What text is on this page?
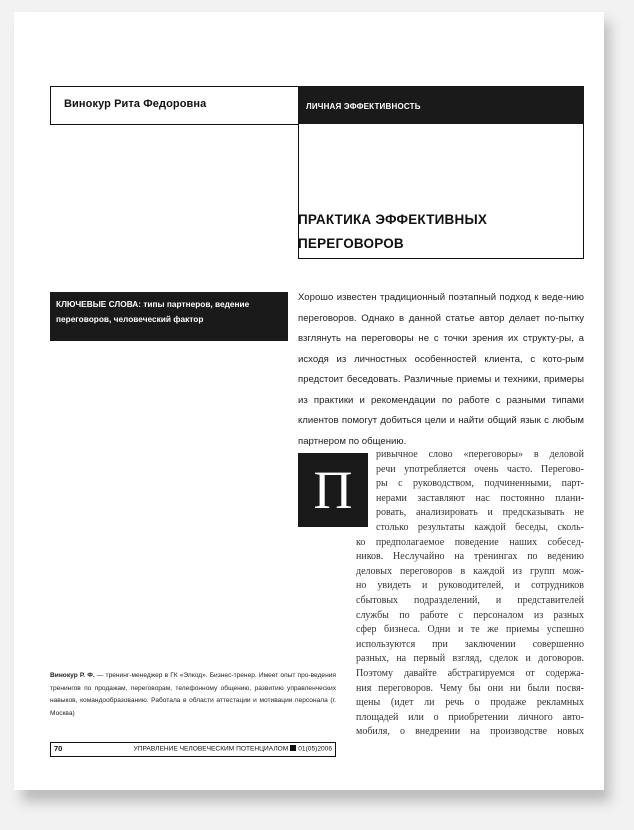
Винокур Рита Федоровна	ЛИЧНАЯ ЭФФЕКТИВНОСТЬ
ПРАКТИКА ЭФФЕКТИВНЫХ
ПЕРЕГОВОРОВ
КЛЮЧЕВЫЕ СЛОВА: типы партнеров, ведение переговоров, человеческий фактор
Хорошо известен традиционный поэтапный подход к веде-нию переговоров. Однако в данной статье автор делает по-пытку взглянуть на переговоры не с точки зрения их структу-ры, а исходя из личностных особенностей клиента, с кото-рым предстоит беседовать. Различные приемы и техники, примеры из практики и рекомендации по работе с разными типами клиентов помогут добиться цели и найти общий язык с любым партнером по общению.
П
ривычное слово «переговоры» в деловой
речи употребляется очень часто. Перегово-
ры с руководством, подчиненными, парт-
нерами заставляют нас постоянно плани-
ровать, анализировать и предсказывать не
столько результаты каждой беседы, сколь-
ко предполагаемое поведение наших собесед-
ников. Неслучайно на тренингах по ведению
деловых переговоров в каждой из групп мож-
но увидеть и руководителей, и сотрудников
сбытовых подразделений, и представителей
службы по работе с персоналом из разных
сфер бизнеса. Одни и те же приемы успешно
используются при заключении совершенно
разных, на первый взгляд, сделок и договоров.
Поэтому давайте абстрагируемся от содержа-
ния переговоров. Чему бы они ни были посвя-
щены (идет ли речь о продаже рекламных
площадей или о приобретении личного авто-
мобиля, о внедрении на производстве новых
Винокур Р. Ф. — тренинг-менеджер в ГК «Элкод». Бизнес-тренер. Имеет опыт про-ведения тренингов по продажам, переговорам, телефонному общению, развитию управленческих навыков, командообразованию. Работала в области аттестации и мотивации персонала (г. Москва)
70	УПРАВЛЕНИЕ ЧЕЛОВЕЧЕСКИМ ПОТЕНЦИАЛОМ 01(05)2006
